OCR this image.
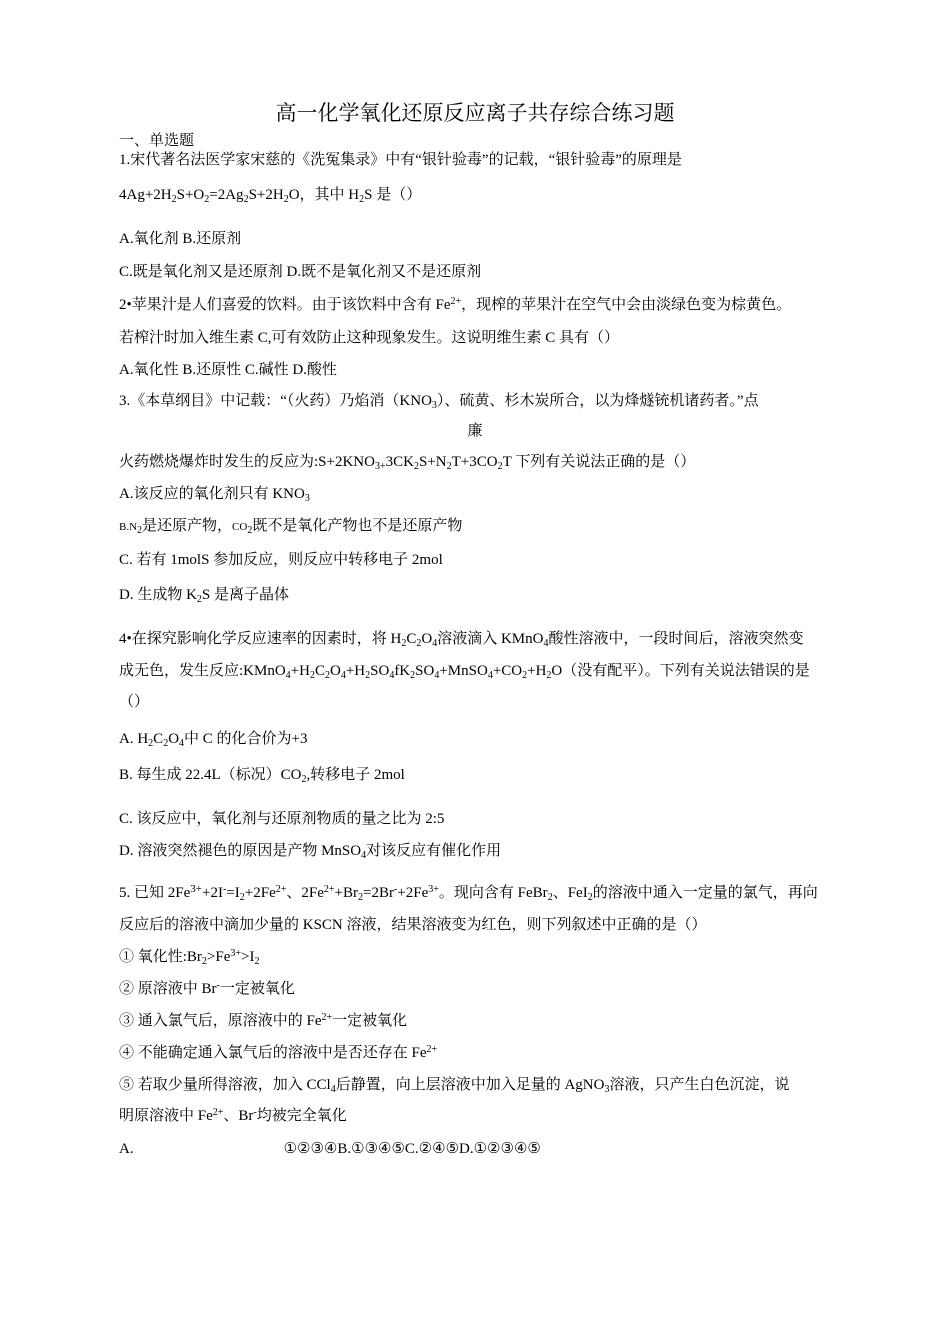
高一化学氧化还原反应离子共存综合练习题
一、单选题
1.宋代著名法医学家宋慈的《洗冤集录》中有“银针验毒”的记载，“银针验毒”的原理是
$4Ag+2H_2S+O_2=2Ag_2S+2H_2O$，其中 $H_2S$ 是（）
A.氧化剂 B.还原剂
C.既是氧化剂又是还原剂 D.既不是氧化剂又不是还原剂
2•苹果汁是人们喜爱的饮料。由于该饮料中含有 $Fe^{2+}$，现榨的苹果汁在空气中会由淡绿色变为棕黄色。
若榨汁时加入维生素 C,可有效防止这种现象发生。这说明维生素 C 具有（）
A.氧化性 B.还原性 C.碱性 D.酸性
3.《本草纲目》中记载：“（火药）乃焰消$(KNO_3)$、硫黄、杉木炭所合，以为烽燧铳机诸药者。”点
廉
火药燃烧爆炸时发生的反应为$:S+2KNO_{3+}3CK_2S+N_2T+3CO_2T$ 下列有关说法正确的是（）
A.该反应的氧化剂只有 $KNO_3$
$B.N_2$是还原产物，$CO_2$既不是氧化产物也不是还原产物
C. 若有 1molS 参加反应，则反应中转移电子 2mol
D. 生成物 $K_2S$ 是离子晶体
4•在探究影响化学反应速率的因素时，将 $H_2C_2O_4$溶液滴入 KMnO$_4$酸性溶液中，一段时间后，溶液突然变
成无色，发生反应$:KMnO_4+H_2C_2O_4+H_2SO_4fK_2SO_4+MnSO_4+CO_2+H_2O$（没有配平）。下列有关说法错误的是
（）
A. $H_2C_2O_4$中 C 的化合价为+3
B. 每生成 22.4L（标况）$CO_2$,转移电子 2mol
C. 该反应中，氧化剂与还原剂物质的量之比为 2:5
D. 溶液突然褪色的原因是产物 MnSO$_4$对该反应有催化作用
5. 已知 $2Fe^{3+}+2I^-=I_2+2Fe^{2+}$、$2Fe^{2+}+Br_2=2Br^-+2Fe^{3+}$。现向含有 FeBr$_2$、FeI$_2$的溶液中通入一定量的氯气，再向
反应后的溶液中滴加少量的 KSCN 溶液，结果溶液变为红色，则下列叙述中正确的是（）
① 氧化性$:Br_2>Fe^{3+}>I_2$
② 原溶液中 Br-一定被氧化
③ 通入氯气后，原溶液中的 $Fe^{2+}$一定被氧化
④ 不能确定通入氯气后的溶液中是否还存在 $Fe^{2+}$
⑤ 若取少量所得溶液，加入 CCl$_4$后静置，向上层溶液中加入足量的 AgNO$_3$溶液，只产生白色沉淀，说
明原溶液中 $Fe^{2+}$、Br-均被完全氧化
A.	①②③④B.①③④⑤C.②④⑤D.①②③④⑤
